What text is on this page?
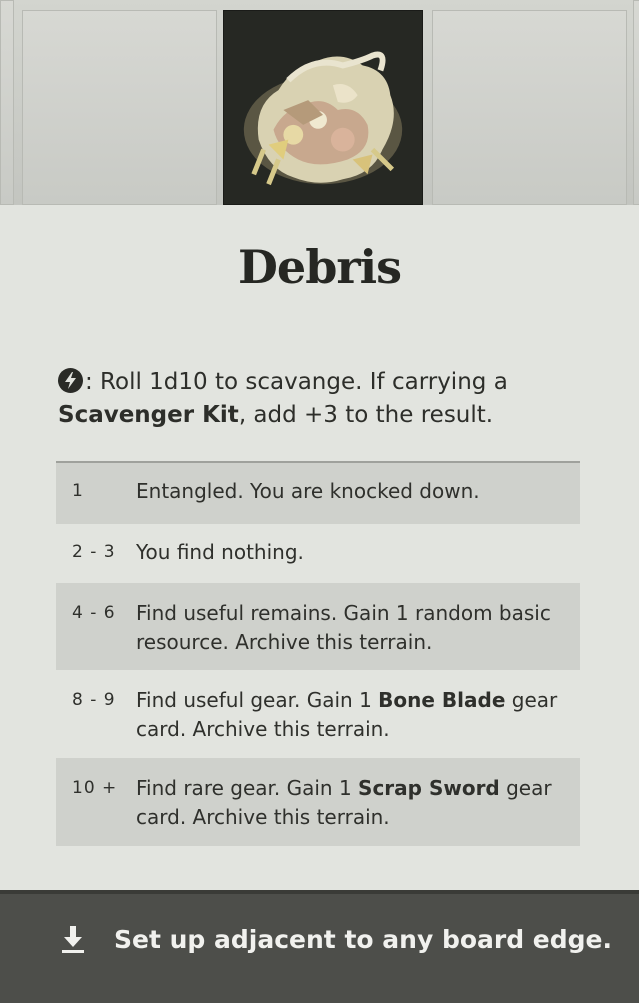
Debris
: Roll 1d10 to scavange. If carrying a Scavenger Kit, add +3 to the result.
1	Entangled. You are knocked down.
2 - 3	You find nothing.
4 - 6	Find useful remains. Gain 1 random basic resource. Archive this terrain.
8 - 9	Find useful gear. Gain 1 Bone Blade gear card. Archive this terrain.
10 + Find rare gear. Gain 1 Scrap Sword gear card. Archive this terrain.
Set up adjacent to any board edge.
